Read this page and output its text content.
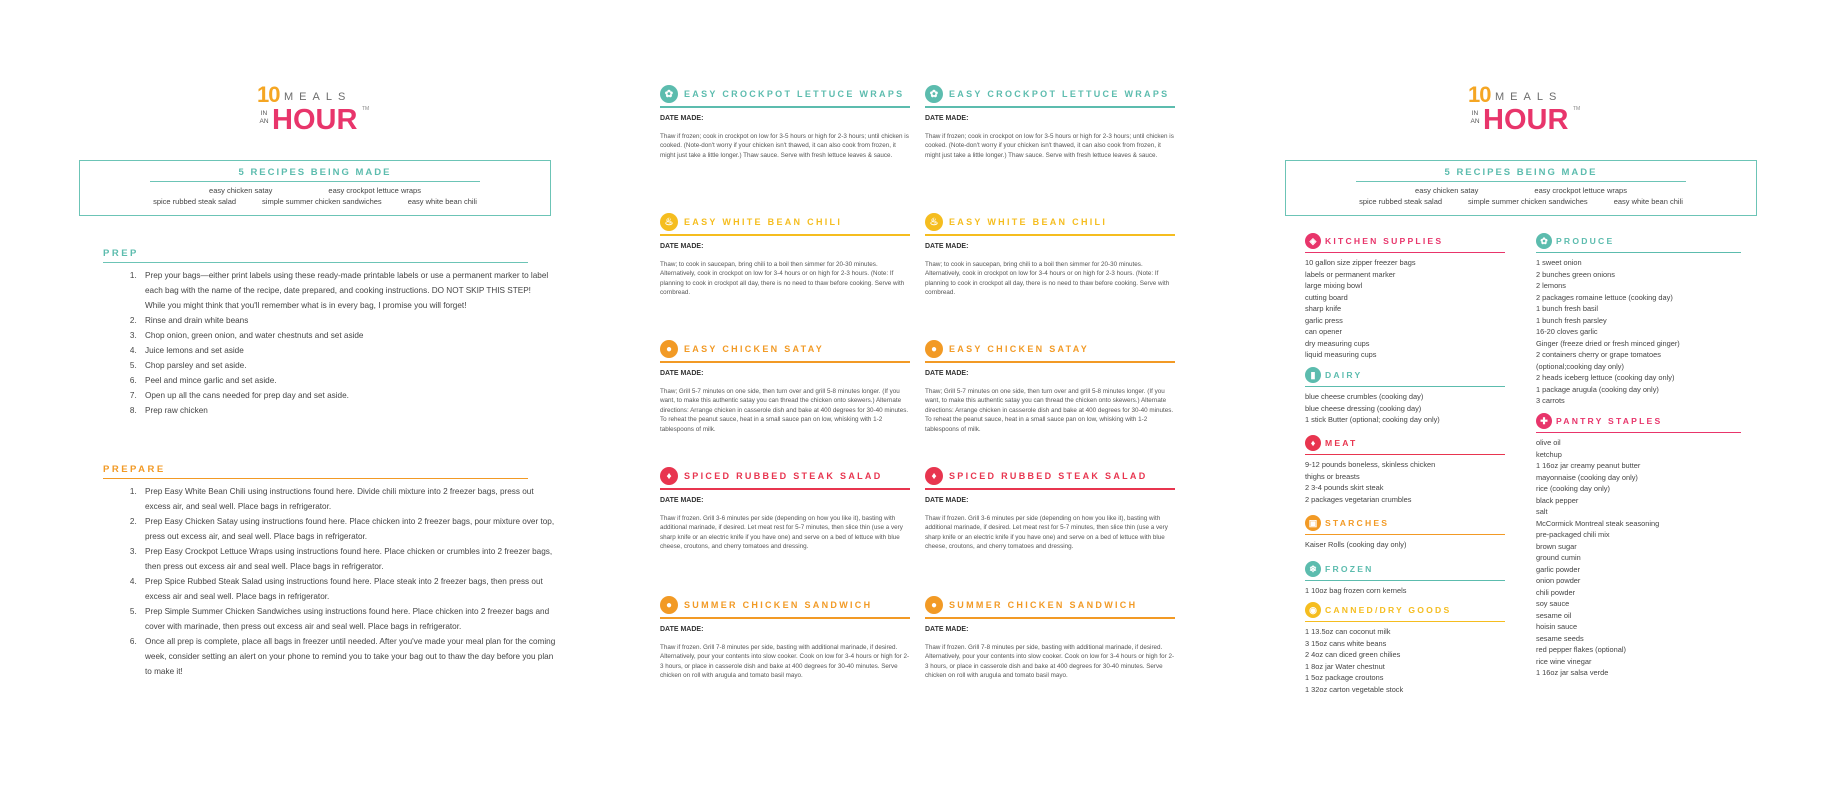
10 MEALS
IN AN HOUR TM
5 RECIPES BEING MADE
easy chicken satay	easy crockpot lettuce wraps
spice rubbed steak salad	simple summer chicken sandwiches	easy white bean chili
PREP
1. Prep your bags—either print labels using these ready-made printable labels or use a permanent marker to label each bag with the name of the recipe, date prepared, and cooking instructions. DO NOT SKIP THIS STEP! While you might think that you'll remember what is in every bag, I promise you will forget!
2. Rinse and drain white beans
3. Chop onion, green onion, and water chestnuts and set aside
4. Juice lemons and set aside
5. Chop parsley and set aside.
6. Peel and mince garlic and set aside.
7. Open up all the cans needed for prep day and set aside.
8. Prep raw chicken
PREPARE
1. Prep Easy White Bean Chili using instructions found here. Divide chili mixture into 2 freezer bags, press out excess air, and seal well. Place bags in refrigerator.
2. Prep Easy Chicken Satay using instructions found here. Place chicken into 2 freezer bags, pour mixture over top, press out excess air, and seal well. Place bags in refrigerator.
3. Prep Easy Crockpot Lettuce Wraps using instructions found here. Place chicken or crumbles into 2 freezer bags, then press out excess air and seal well. Place bags in refrigerator.
4. Prep Spice Rubbed Steak Salad using instructions found here. Place steak into 2 freezer bags, then press out excess air and seal well. Place bags in refrigerator.
5. Prep Simple Summer Chicken Sandwiches using instructions found here. Place chicken into 2 freezer bags and cover with marinade, then press out excess air and seal well. Place bags in refrigerator.
6. Once all prep is complete, place all bags in freezer until needed. After you've made your meal plan for the coming week, consider setting an alert on your phone to remind you to take your bag out to thaw the day before you plan to make it!
✿	EASY CROCKPOT LETTUCE WRAPS
DATE MADE:
Thaw if frozen; cook in crockpot on low for 3-5 hours or high for 2-3 hours; until chicken is cooked. (Note-don't worry if your chicken isn't thawed, it can also cook from frozen, it might just take a little longer.) Thaw sauce. Serve with fresh lettuce leaves & sauce.
♨	EASY WHITE BEAN CHILI
DATE MADE:
Thaw; to cook in saucepan, bring chili to a boil then simmer for 20-30 minutes. Alternatively, cook in crockpot on low for 3-4 hours or on high for 2-3 hours. (Note: If planning to cook in crockpot all day, there is no need to thaw before cooking. Serve with cornbread.
●	EASY CHICKEN SATAY
DATE MADE:
Thaw; Grill 5-7 minutes on one side, then turn over and grill 5-8 minutes longer. (If you want, to make this authentic satay you can thread the chicken onto skewers.) Alternate directions: Arrange chicken in casserole dish and bake at 400 degrees for 30-40 minutes. To reheat the peanut sauce, heat in a small sauce pan on low, whisking with 1-2 tablespoons of milk.
♦	SPICED RUBBED STEAK SALAD
DATE MADE:
Thaw if frozen. Grill 3-6 minutes per side (depending on how you like it), basting with additional marinade, if desired. Let meat rest for 5-7 minutes, then slice thin (use a very sharp knife or an electric knife if you have one) and serve on a bed of lettuce with blue cheese, croutons, and cherry tomatoes and dressing.
●	SUMMER CHICKEN SANDWICH
DATE MADE:
Thaw if frozen. Grill 7-8 minutes per side, basting with additional marinade, if desired. Alternatively, pour your contents into slow cooker. Cook on low for 3-4 hours or high for 2-3 hours, or place in casserole dish and bake at 400 degrees for 30-40 minutes. Serve chicken on roll with arugula and tomato basil mayo.
✿	EASY CROCKPOT LETTUCE WRAPS
DATE MADE:
Thaw if frozen; cook in crockpot on low for 3-5 hours or high for 2-3 hours; until chicken is cooked. (Note-don't worry if your chicken isn't thawed, it can also cook from frozen, it might just take a little longer.) Thaw sauce. Serve with fresh lettuce leaves & sauce.
♨	EASY WHITE BEAN CHILI
DATE MADE:
Thaw; to cook in saucepan, bring chili to a boil then simmer for 20-30 minutes. Alternatively, cook in crockpot on low for 3-4 hours or on high for 2-3 hours. (Note: If planning to cook in crockpot all day, there is no need to thaw before cooking. Serve with cornbread.
●	EASY CHICKEN SATAY
DATE MADE:
Thaw; Grill 5-7 minutes on one side, then turn over and grill 5-8 minutes longer. (If you want, to make this authentic satay you can thread the chicken onto skewers.) Alternate directions: Arrange chicken in casserole dish and bake at 400 degrees for 30-40 minutes. To reheat the peanut sauce, heat in a small sauce pan on low, whisking with 1-2 tablespoons of milk.
♦	SPICED RUBBED STEAK SALAD
DATE MADE:
Thaw if frozen. Grill 3-6 minutes per side (depending on how you like it), basting with additional marinade, if desired. Let meat rest for 5-7 minutes, then slice thin (use a very sharp knife or an electric knife if you have one) and serve on a bed of lettuce with blue cheese, croutons, and cherry tomatoes and dressing.
●	SUMMER CHICKEN SANDWICH
DATE MADE:
Thaw if frozen. Grill 7-8 minutes per side, basting with additional marinade, if desired. Alternatively, pour your contents into slow cooker. Cook on low for 3-4 hours or high for 2-3 hours, or place in casserole dish and bake at 400 degrees for 30-40 minutes. Serve chicken on roll with arugula and tomato basil mayo.
10 MEALS
IN AN HOUR TM
5 RECIPES BEING MADE
easy chicken satay	easy crockpot lettuce wraps
spice rubbed steak salad	simple summer chicken sandwiches	easy white bean chili
◈ KITCHEN SUPPLIES
10 gallon size zipper freezer bags
labels or permanent marker
large mixing bowl
cutting board
sharp knife
garlic press
can opener
dry measuring cups
liquid measuring cups
▮	DAIRY
blue cheese crumbles (cooking day)
blue cheese dressing (cooking day)
1 stick Butter (optional; cooking day only)
♦	MEAT
9-12 pounds boneless, skinless chicken
thighs or breasts
2 3-4 pounds skirt steak
2 packages vegetarian crumbles
▣ STARCHES
Kaiser Rolls (cooking day only)
❄ FROZEN
1 10oz bag frozen corn kernels
◉ CANNED/DRY GOODS
1 13.5oz can coconut milk
3 15oz cans white beans
2 4oz can diced green chilies
1 8oz jar Water chestnut
1 5oz package croutons
1 32oz carton vegetable stock
✿ PRODUCE
1 sweet onion
2 bunches green onions
2 lemons
2 packages romaine lettuce (cooking day)
1 bunch fresh basil
1 bunch fresh parsley
16-20 cloves garlic
Ginger (freeze dried or fresh minced ginger)
2 containers cherry or grape tomatoes
(optional;cooking day only)
2 heads iceberg lettuce (cooking day only)
1 package arugula (cooking day only)
3 carrots
✚ PANTRY STAPLES
olive oil
ketchup
1 16oz jar creamy peanut butter
mayonnaise (cooking day only)
rice (cooking day only)
black pepper
salt
McCormick Montreal steak seasoning
pre-packaged chili mix
brown sugar
ground cumin
garlic powder
onion powder
chili powder
soy sauce
sesame oil
hoisin sauce
sesame seeds
red pepper flakes (optional)
rice wine vinegar
1 16oz jar salsa verde
